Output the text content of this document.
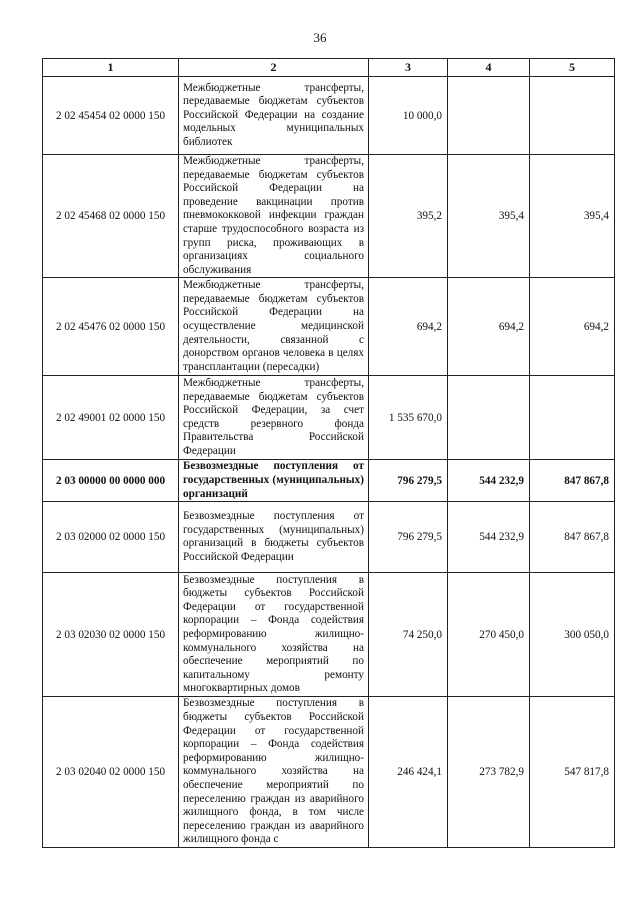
36
1	2	3	4	5
2 02 45454 02 0000 150	Межбюджетные трансферты, передаваемые бюджетам субъектов Российской Федерации на создание модельных муниципальных библиотек	10 000,0		
2 02 45468 02 0000 150	Межбюджетные трансферты, передаваемые бюджетам субъектов Российской Федерации на проведение вакцинации против пневмококковой инфекции граждан старше трудоспособного возраста из групп риска, проживающих в организациях социального обслуживания	395,2	395,4	395,4
2 02 45476 02 0000 150	Межбюджетные трансферты, передаваемые бюджетам субъектов Российской Федерации на осуществление медицинской деятельности, связанной с донорством органов человека в целях трансплантации (пересадки)	694,2	694,2	694,2
2 02 49001 02 0000 150	Межбюджетные трансферты, передаваемые бюджетам субъектов Российской Федерации, за счет средств резервного фонда Правительства Российской Федерации	1 535 670,0		
2 03 00000 00 0000 000	Безвозмездные поступления от государственных (муниципальных) организаций	796 279,5	544 232,9	847 867,8
2 03 02000 02 0000 150	Безвозмездные поступления от государственных (муниципальных) организаций в бюджеты субъектов Российской Федерации	796 279,5	544 232,9	847 867,8
2 03 02030 02 0000 150	Безвозмездные поступления в бюджеты субъектов Российской Федерации от государственной корпорации – Фонда содействия реформированию жилищно-коммунального хозяйства на обеспечение мероприятий по капитальному ремонту многоквартирных домов	74 250,0	270 450,0	300 050,0
2 03 02040 02 0000 150	Безвозмездные поступления в бюджеты субъектов Российской Федерации от государственной корпорации – Фонда содействия реформированию жилищно-коммунального хозяйства на обеспечение мероприятий по переселению граждан из аварийного жилищного фонда, в том числе переселению граждан из аварийного жилищного фонда с	246 424,1	273 782,9	547 817,8
